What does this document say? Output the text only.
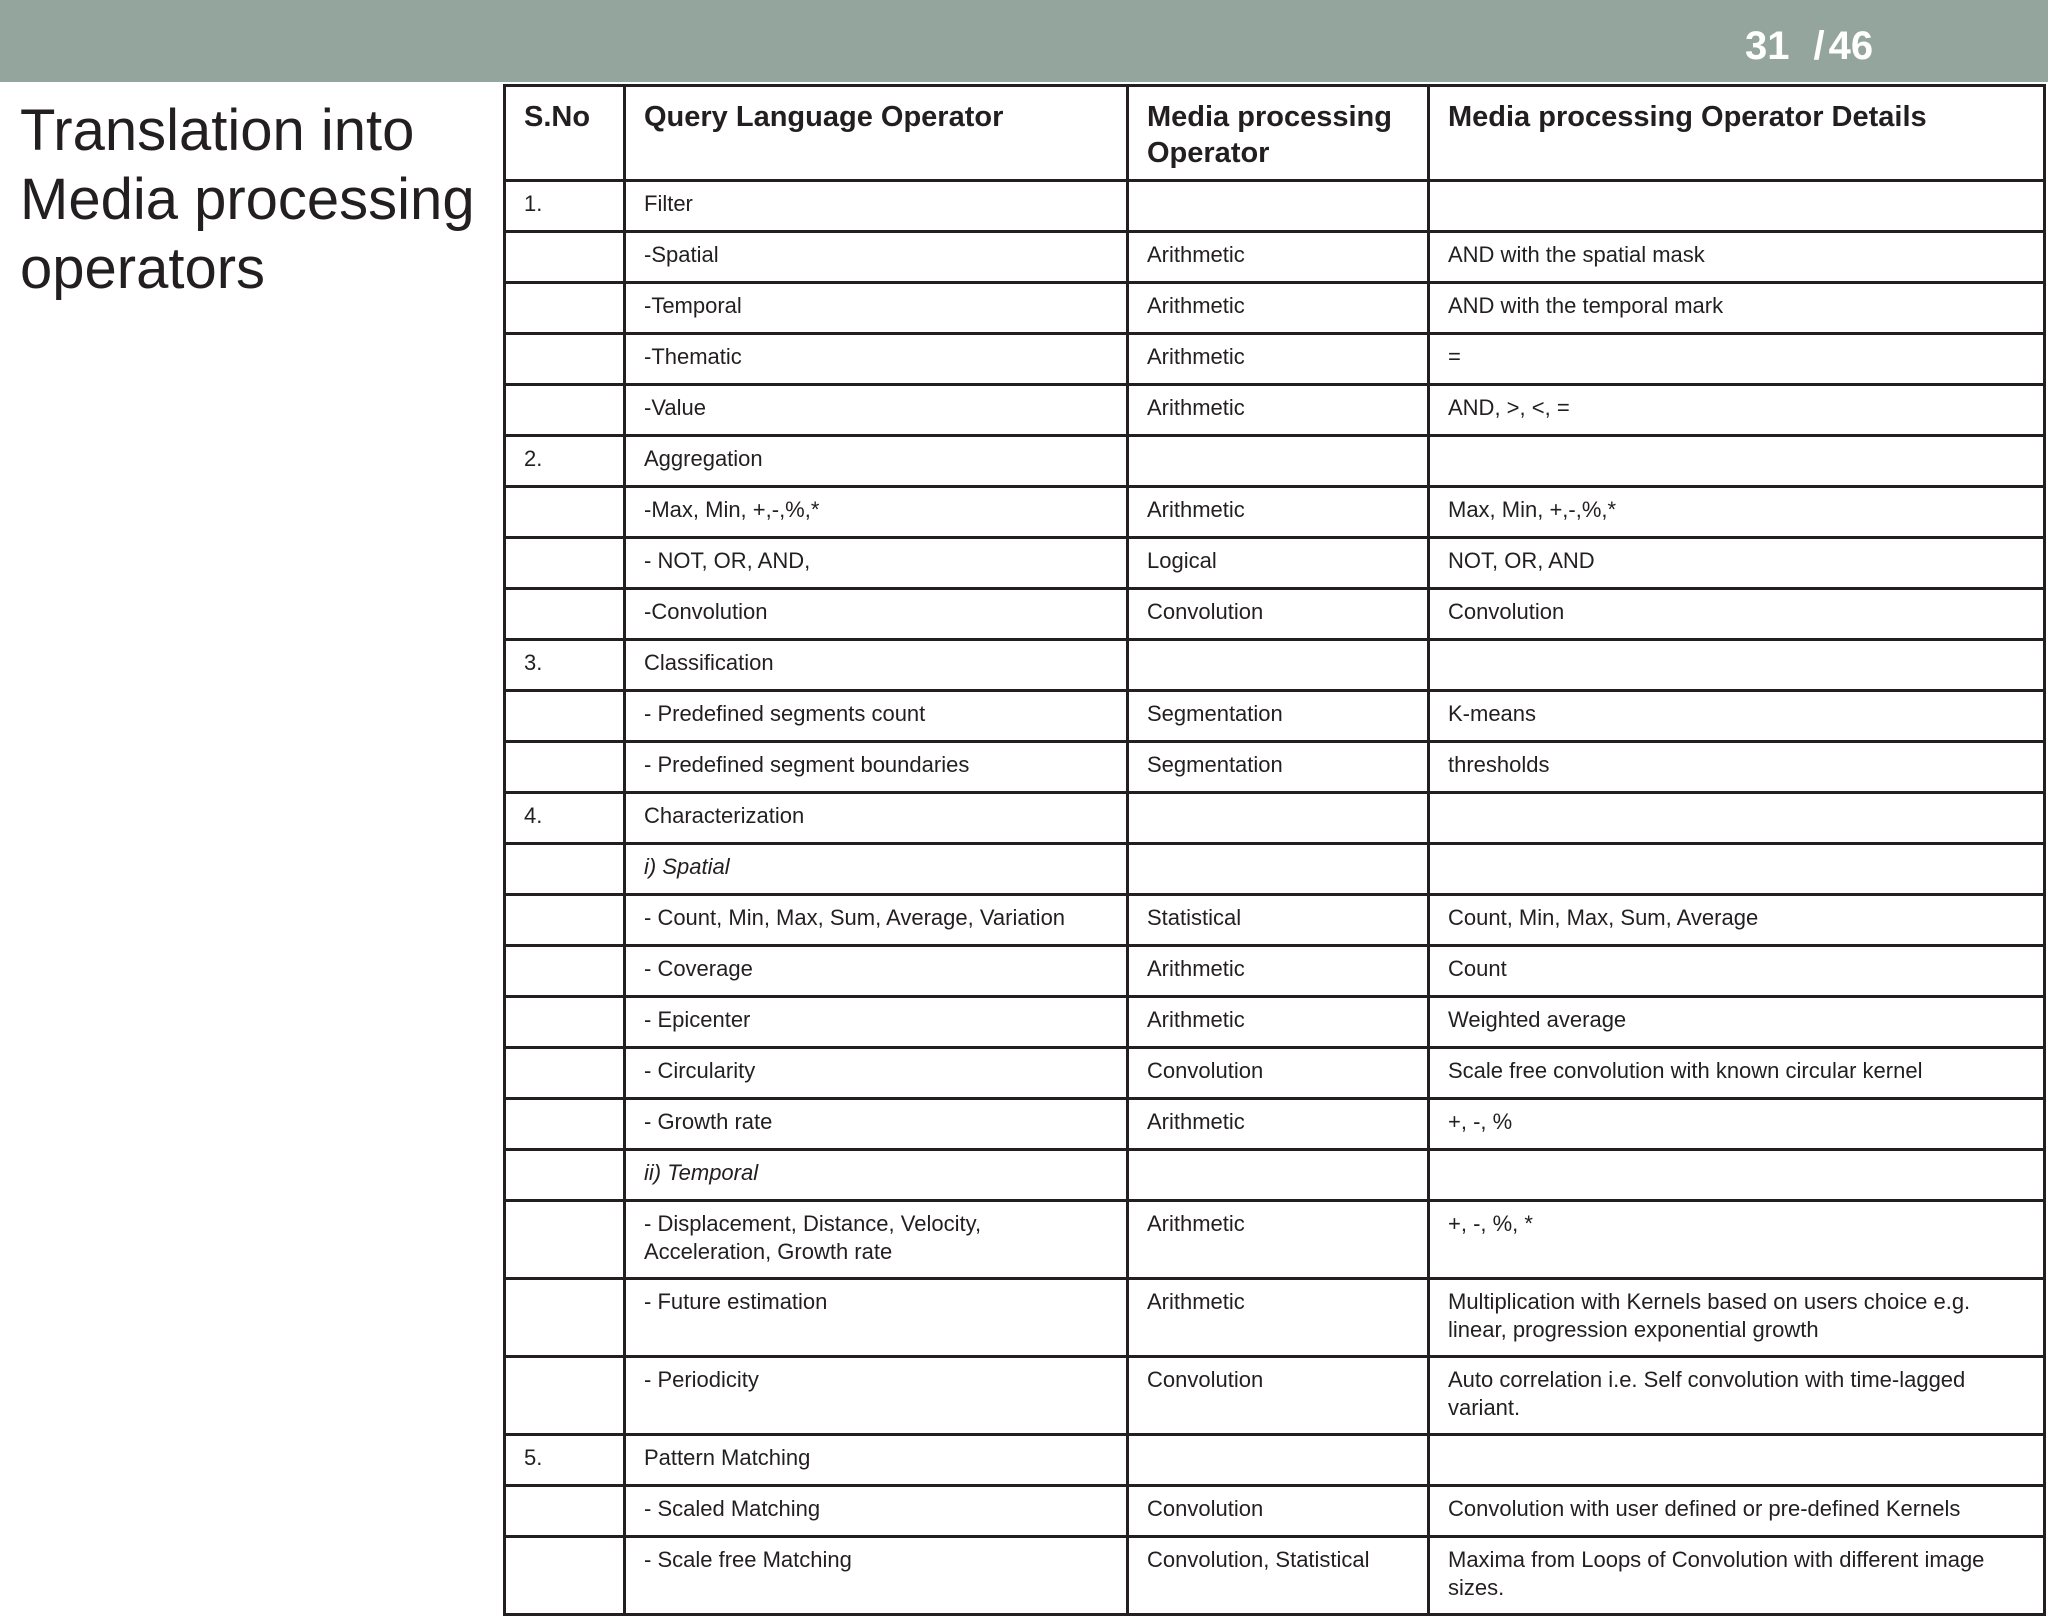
31 / 46
Translation into Media processing operators
S.No	Query Language Operator	Media processing Operator	Media processing Operator Details
1.	Filter		
	-Spatial	Arithmetic	AND with the spatial mask
	-Temporal	Arithmetic	AND with the temporal mark
	-Thematic	Arithmetic	=
	-Value	Arithmetic	AND, >, <, =
2.	Aggregation		
	-Max, Min, +,-,%,*	Arithmetic	Max, Min, +,-,%,*
	- NOT, OR, AND,	Logical	NOT, OR, AND
	-Convolution	Convolution	Convolution
3.	Classification		
	- Predefined segments count	Segmentation	K-means
	- Predefined segment boundaries	Segmentation	thresholds
4.	Characterization		
	i) Spatial		
	- Count, Min, Max, Sum, Average, Variation	Statistical	Count, Min, Max, Sum, Average
	- Coverage	Arithmetic	Count
	- Epicenter	Arithmetic	Weighted average
	- Circularity	Convolution	Scale free convolution with known circular kernel
	- Growth rate	Arithmetic	+, -, %
	ii) Temporal		
	- Displacement, Distance, Velocity, Acceleration, Growth rate	Arithmetic	+, -, %, *
	- Future estimation	Arithmetic	Multiplication with Kernels based on users choice e.g. linear, progression exponential growth
	- Periodicity	Convolution	Auto correlation i.e. Self convolution with time-lagged variant.
5.	Pattern Matching		
	- Scaled Matching	Convolution	Convolution with user defined or pre-defined Kernels
	- Scale free Matching	Convolution, Statistical	Maxima from Loops of Convolution with different image sizes.
